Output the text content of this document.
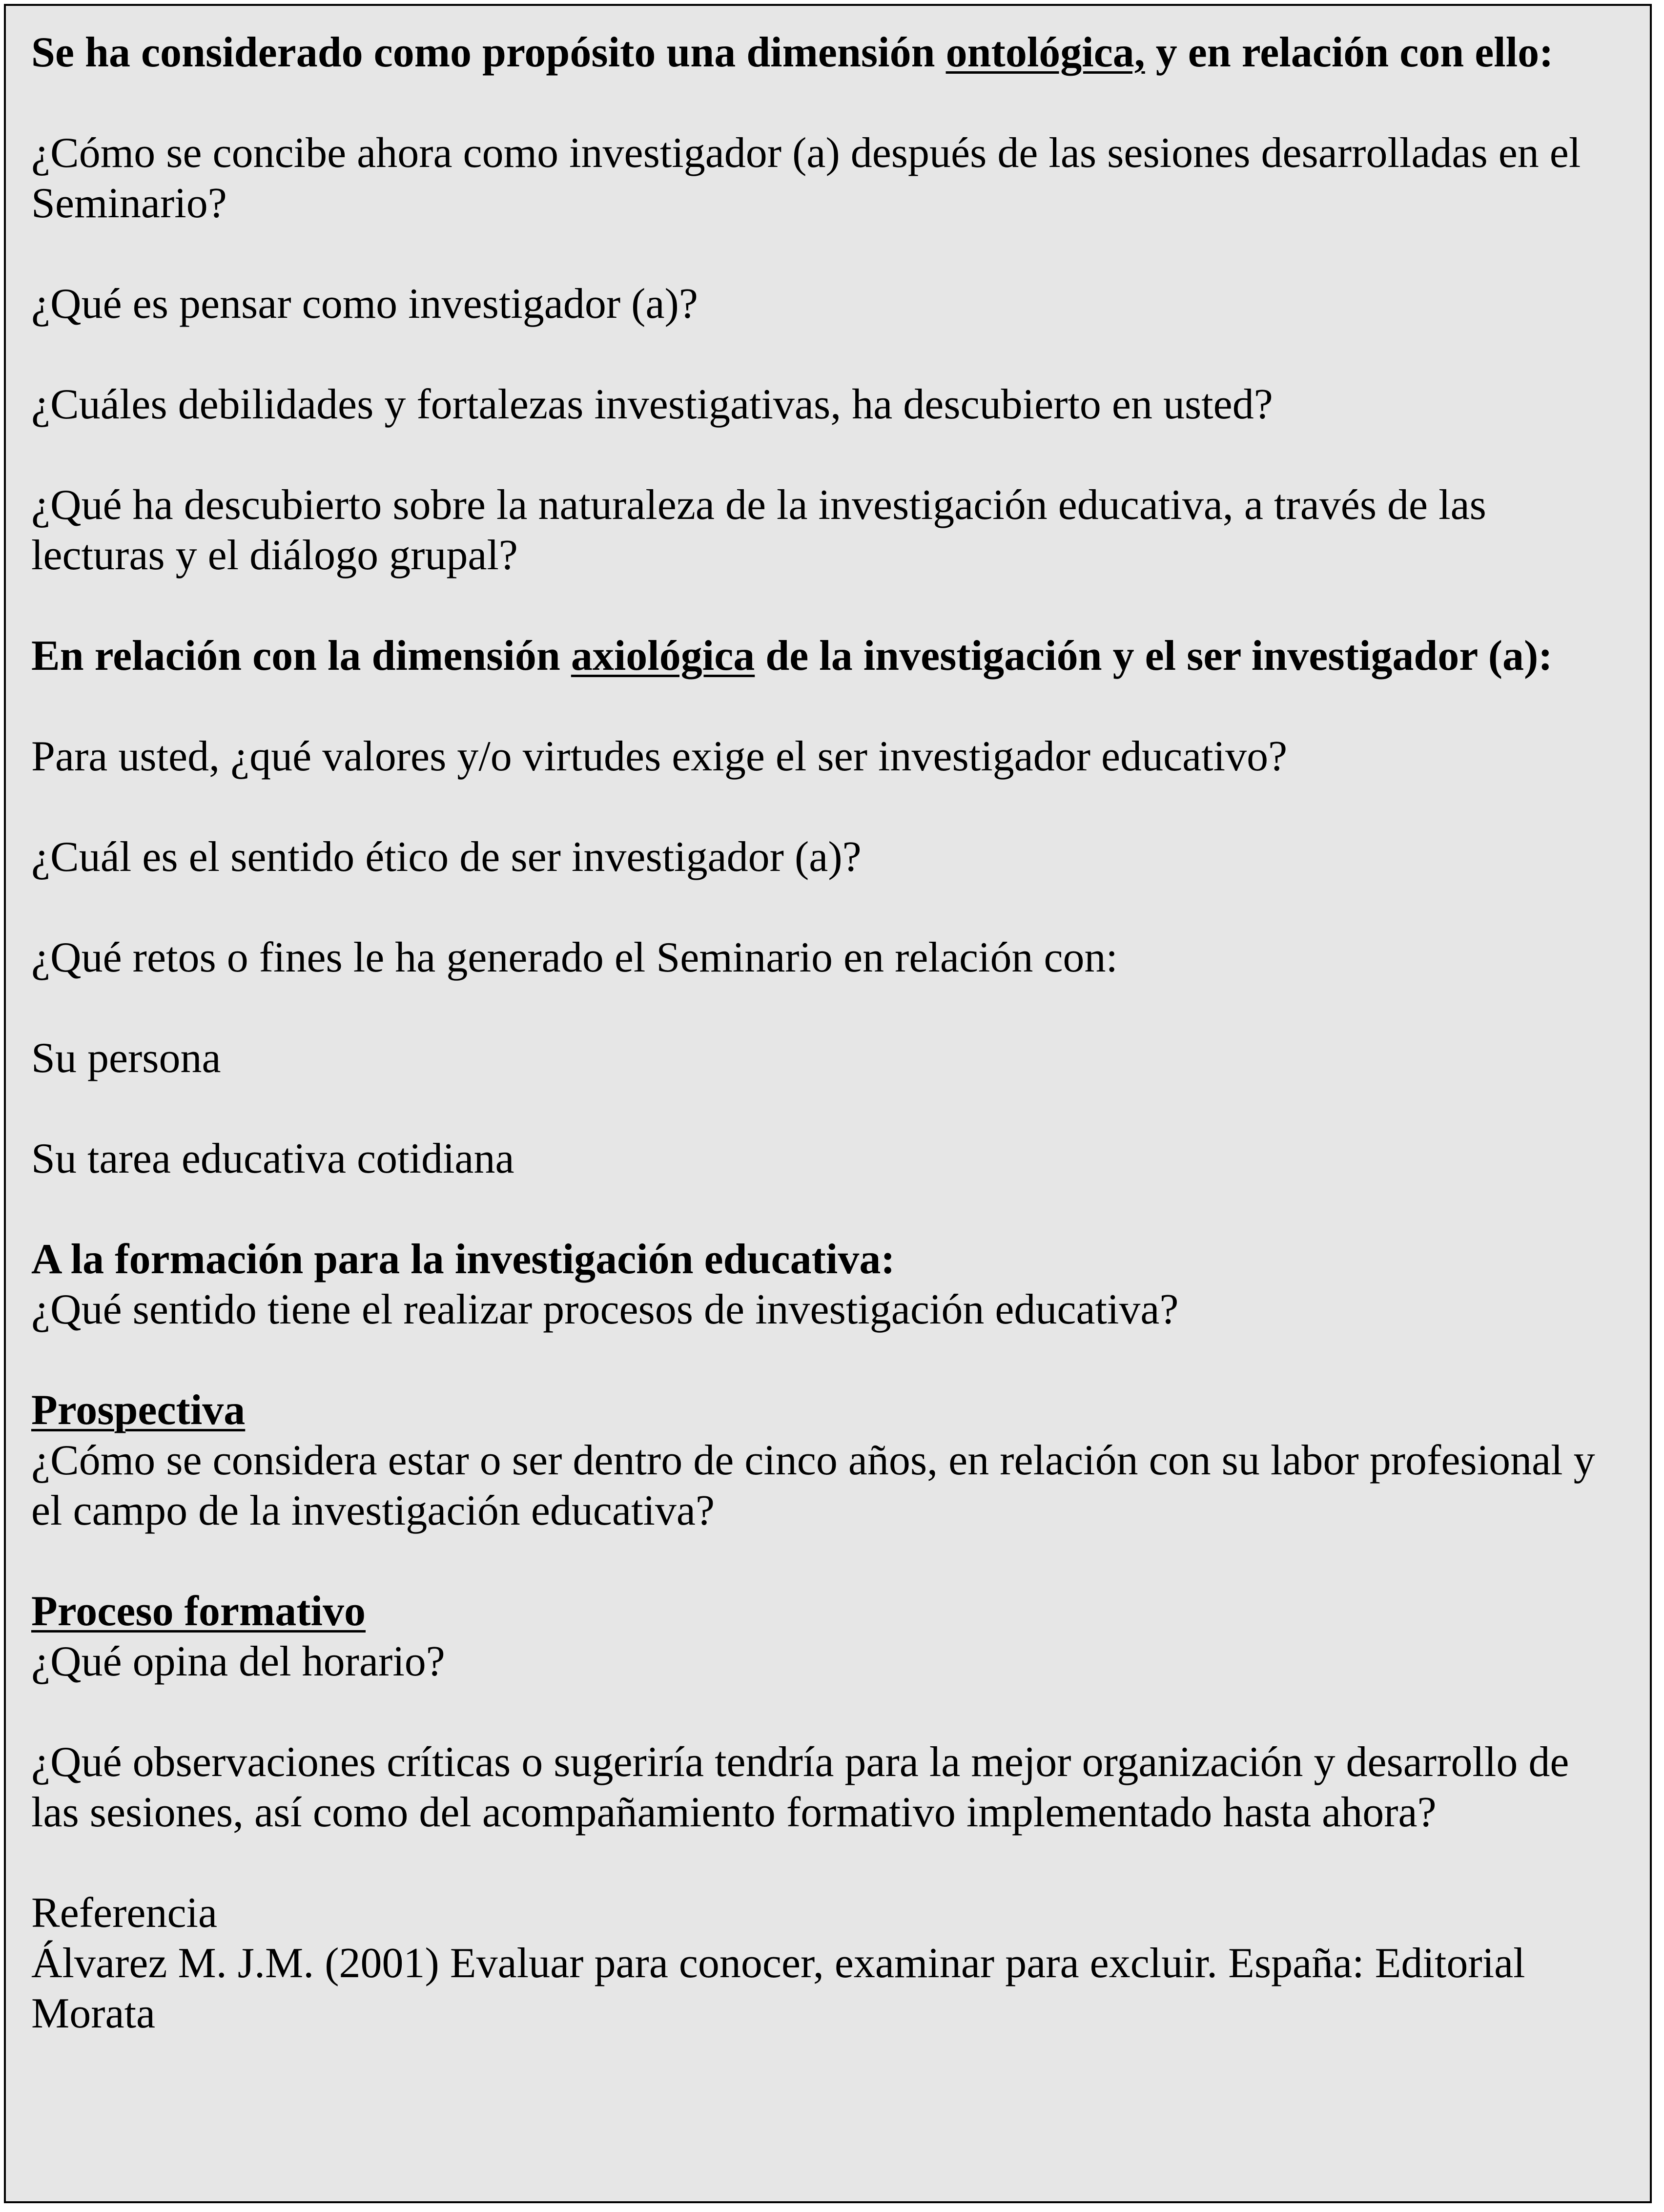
Se ha considerado como propósito una dimensión ontológica, y en relación con ello:

¿Cómo se concibe ahora como investigador (a) después de las sesiones desarrolladas en el Seminario?

¿Qué es pensar como investigador (a)?

¿Cuáles debilidades y fortalezas investigativas, ha descubierto en usted?

¿Qué ha descubierto sobre la naturaleza de la investigación educativa, a través de las lecturas y el diálogo grupal?

En relación con la dimensión axiológica de la investigación y el ser investigador (a):

Para usted, ¿qué valores y/o virtudes exige el ser investigador educativo?

¿Cuál es el sentido ético de ser investigador (a)?

¿Qué retos o fines le ha generado el Seminario en relación con:

Su persona

Su tarea educativa cotidiana

A la formación para la investigación educativa:

¿Qué sentido tiene el realizar procesos de investigación educativa?

Prospectiva

¿Cómo se considera estar o ser dentro de cinco años, en relación con su labor profesional y el campo de la investigación educativa?

Proceso formativo

¿Qué opina del horario?

¿Qué observaciones críticas o sugeriría tendría para la mejor organización y desarrollo de las sesiones, así como del acompañamiento formativo implementado hasta ahora?

Referencia

Álvarez M. J.M. (2001) Evaluar para conocer, examinar para excluir. España: Editorial Morata
